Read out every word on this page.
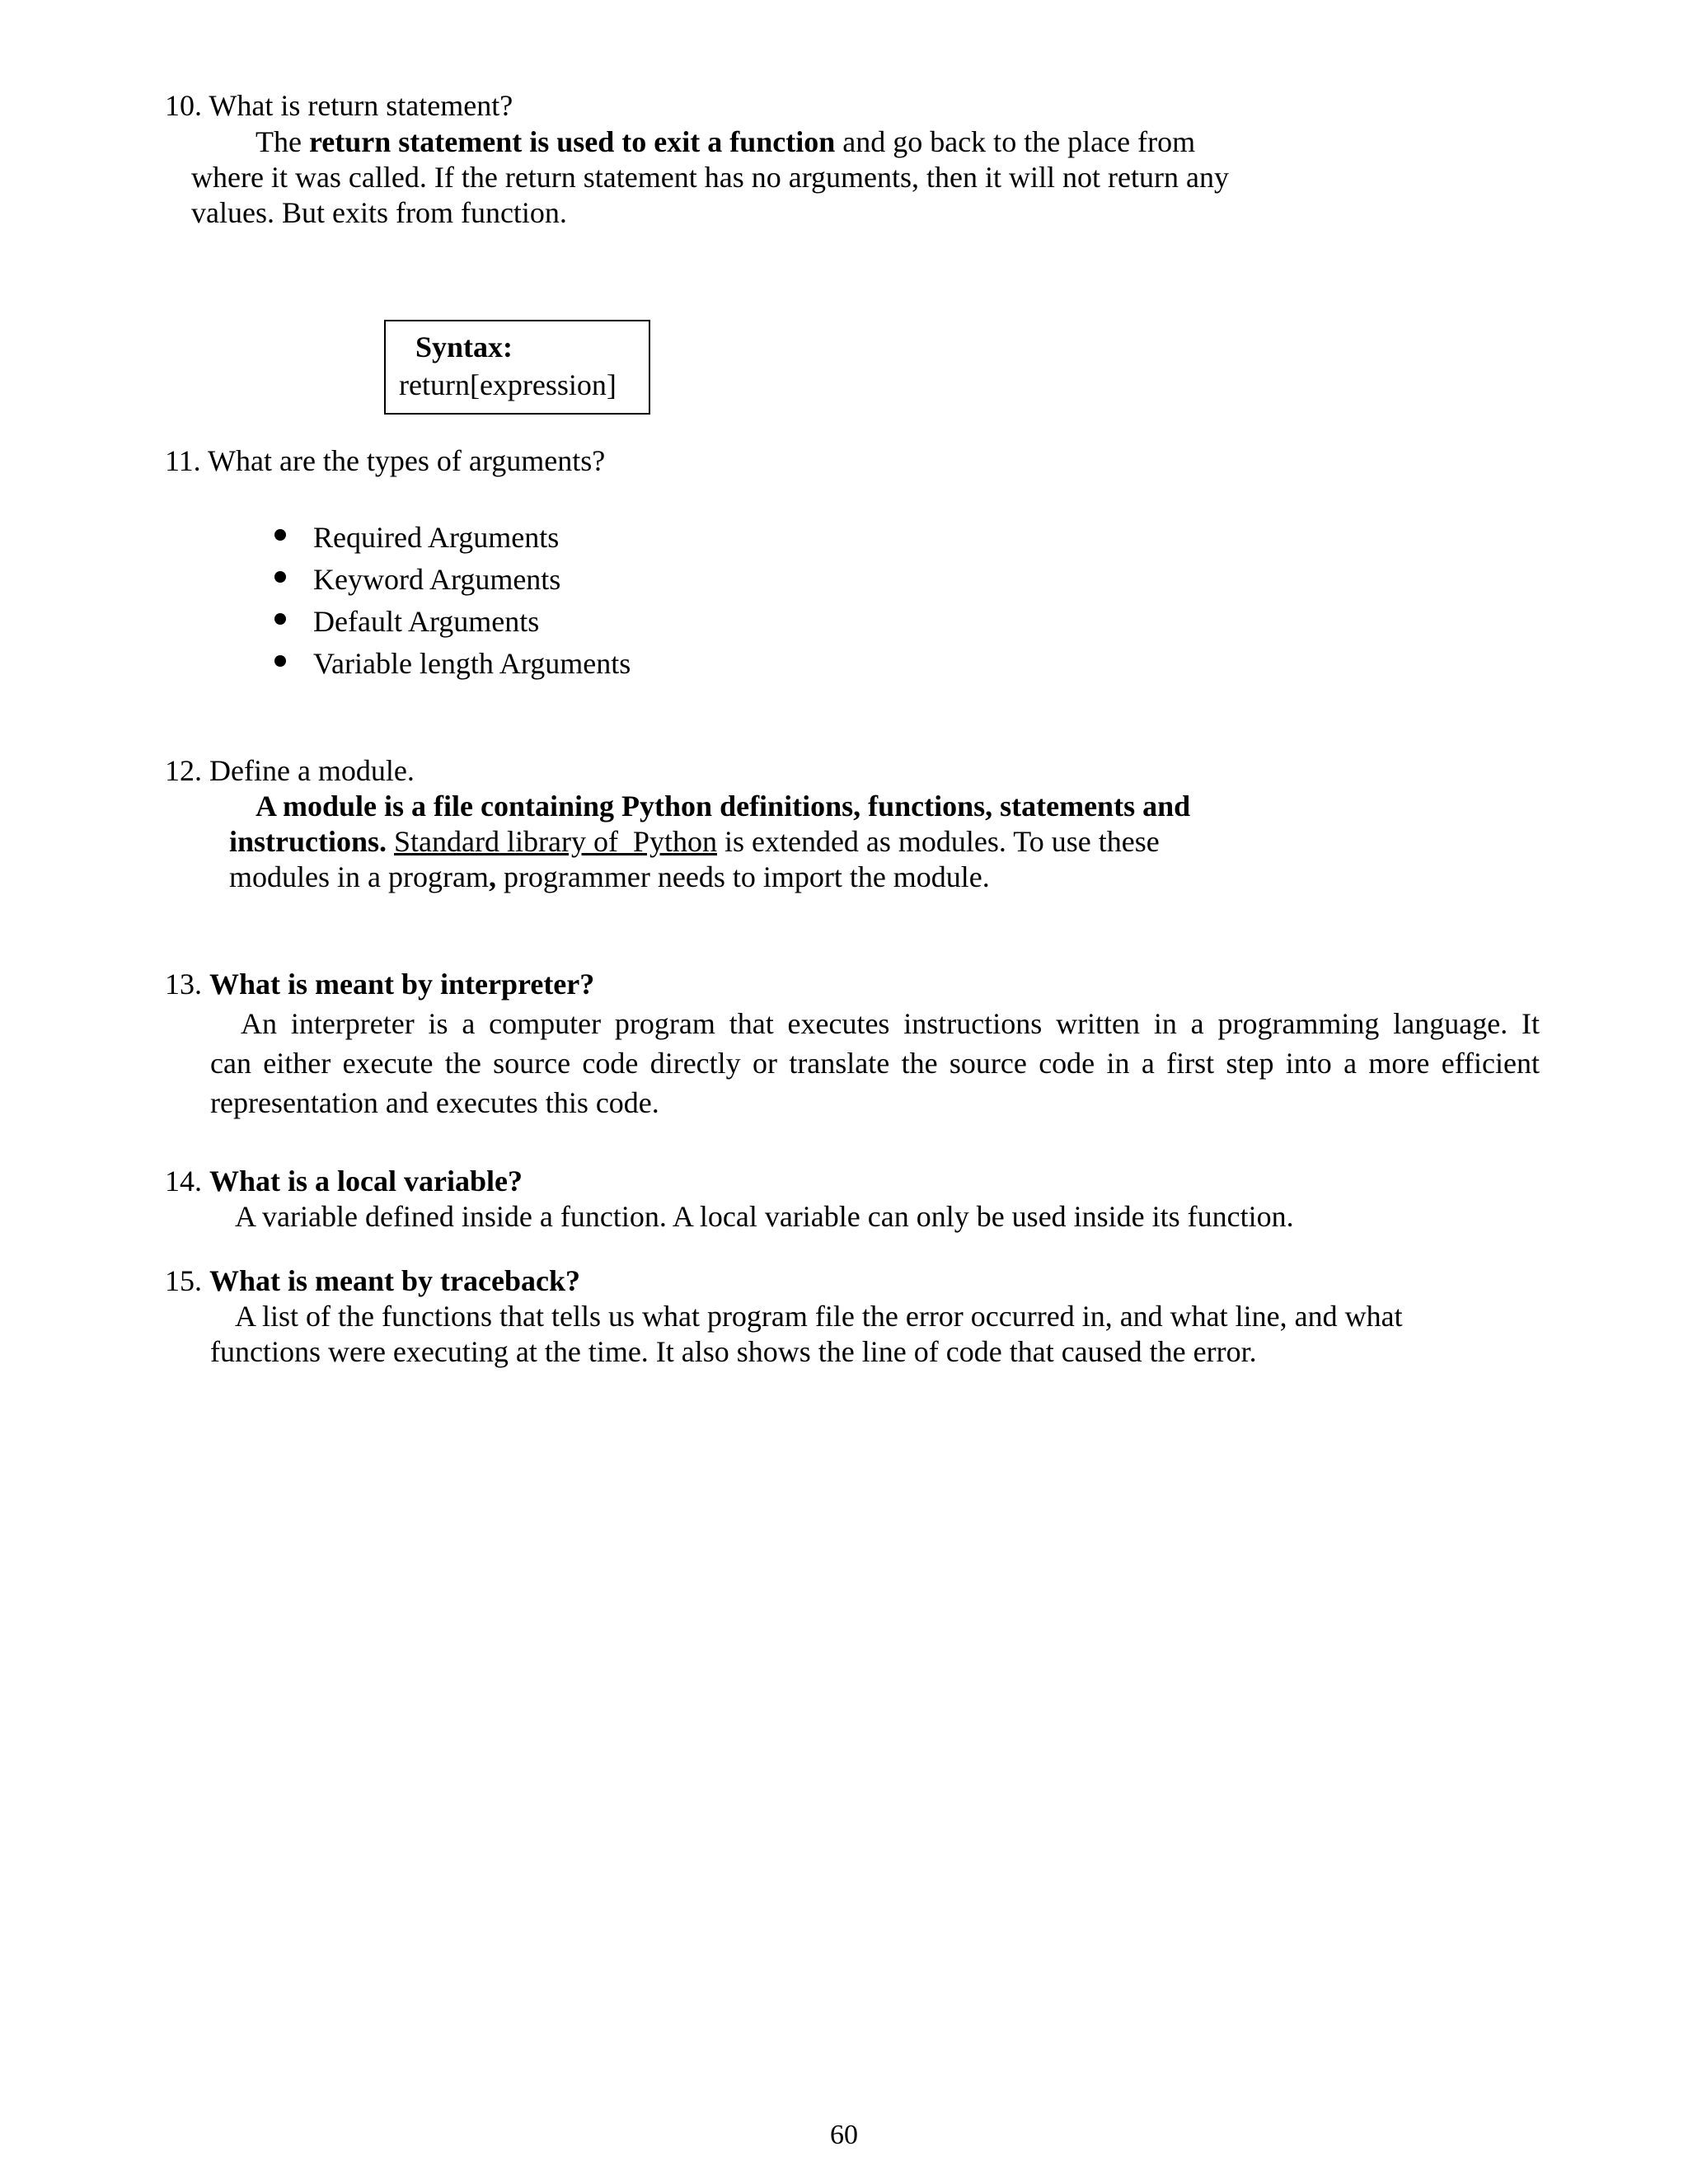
10. What is return statement?
The return statement is used to exit a function and go back to the place from
where it was called. If the return statement has no arguments, then it will not return any
values. But exits from function.
Syntax:
return[expression]
11. What are the types of arguments?
Required Arguments
Keyword Arguments
Default Arguments
Variable length Arguments
12. Define a module.
A module is a file containing Python definitions, functions, statements and
instructions. Standard library of  Python is extended as modules. To use these
modules in a program, programmer needs to import the module.
13. What is meant by interpreter?
An interpreter is a computer program that executes instructions written in a programming language. It
can either execute the source code directly or translate the source code in a first step into a more efficient
representation and executes this code.
14. What is a local variable?
A variable defined inside a function. A local variable can only be used inside its function.
15. What is meant by traceback?
A list of the functions that tells us what program file the error occurred in, and what line, and what
functions were executing at the time. It also shows the line of code that caused the error.
60
